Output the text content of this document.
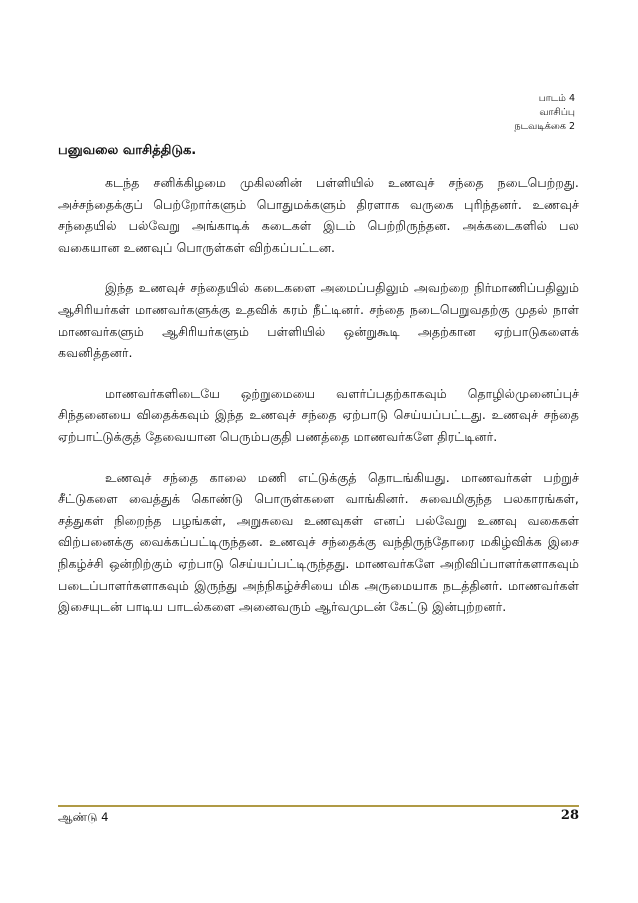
பாடம் 4
வாசிப்பு
நடவடிக்கை 2
பனுவலை வாசித்திடுக.

கடந்த சனிக்கிழமை முகிலனின் பள்ளியில் உணவுச் சந்தை நடைபெற்றது. அச்சந்தைக்குப் பெற்றோர்களும் பொதுமக்களும் திரளாக வருகை புரிந்தனர். உணவுச் சந்தையில் பல்வேறு அங்காடிக் கடைகள் இடம் பெற்றிருந்தன. அக்கடைகளில் பல வகையான உணவுப் பொருள்கள் விற்கப்பட்டன.

இந்த உணவுச் சந்தையில் கடைகளை அமைப்பதிலும் அவற்றை நிர்மாணிப்பதிலும் ஆசிரியர்கள் மாணவர்களுக்கு உதவிக் கரம் நீட்டினர். சந்தை நடைபெறுவதற்கு முதல் நாள் மாணவர்களும் ஆசிரியர்களும் பள்ளியில் ஒன்றுகூடி அதற்கான ஏற்பாடுகளைக் கவனித்தனர்.

மாணவர்களிடையே ஒற்றுமையை வளர்ப்பதற்காகவும் தொழில்முனைப்புச் சிந்தனையை விதைக்கவும் இந்த உணவுச் சந்தை ஏற்பாடு செய்யப்பட்டது. உணவுச் சந்தை ஏற்பாட்டுக்குத் தேவையான பெரும்பகுதி பணத்தை மாணவர்களே திரட்டினர்.

உணவுச் சந்தை காலை மணி எட்டுக்குத் தொடங்கியது. மாணவர்கள் பற்றுச் சீட்டுகளை வைத்துக் கொண்டு பொருள்களை வாங்கினர். சுவைமிகுந்த பலகாரங்கள், சத்துகள் நிறைந்த பழங்கள், அறுசுவை உணவுகள் எனப் பல்வேறு உணவு வகைகள் விற்பனைக்கு வைக்கப்பட்டிருந்தன. உணவுச் சந்தைக்கு வந்திருந்தோரை மகிழ்விக்க இசை நிகழ்ச்சி ஒன்றிற்கும் ஏற்பாடு செய்யப்பட்டிருந்தது. மாணவர்களே அறிவிப்பாளர்களாகவும் படைப்பாளர்களாகவும் இருந்து அந்நிகழ்ச்சியை மிக அருமையாக நடத்தினர். மாணவர்கள் இசையுடன் பாடிய பாடல்களை அனைவரும் ஆர்வமுடன் கேட்டு இன்புற்றனர்.

ஆண்டு 4	28
